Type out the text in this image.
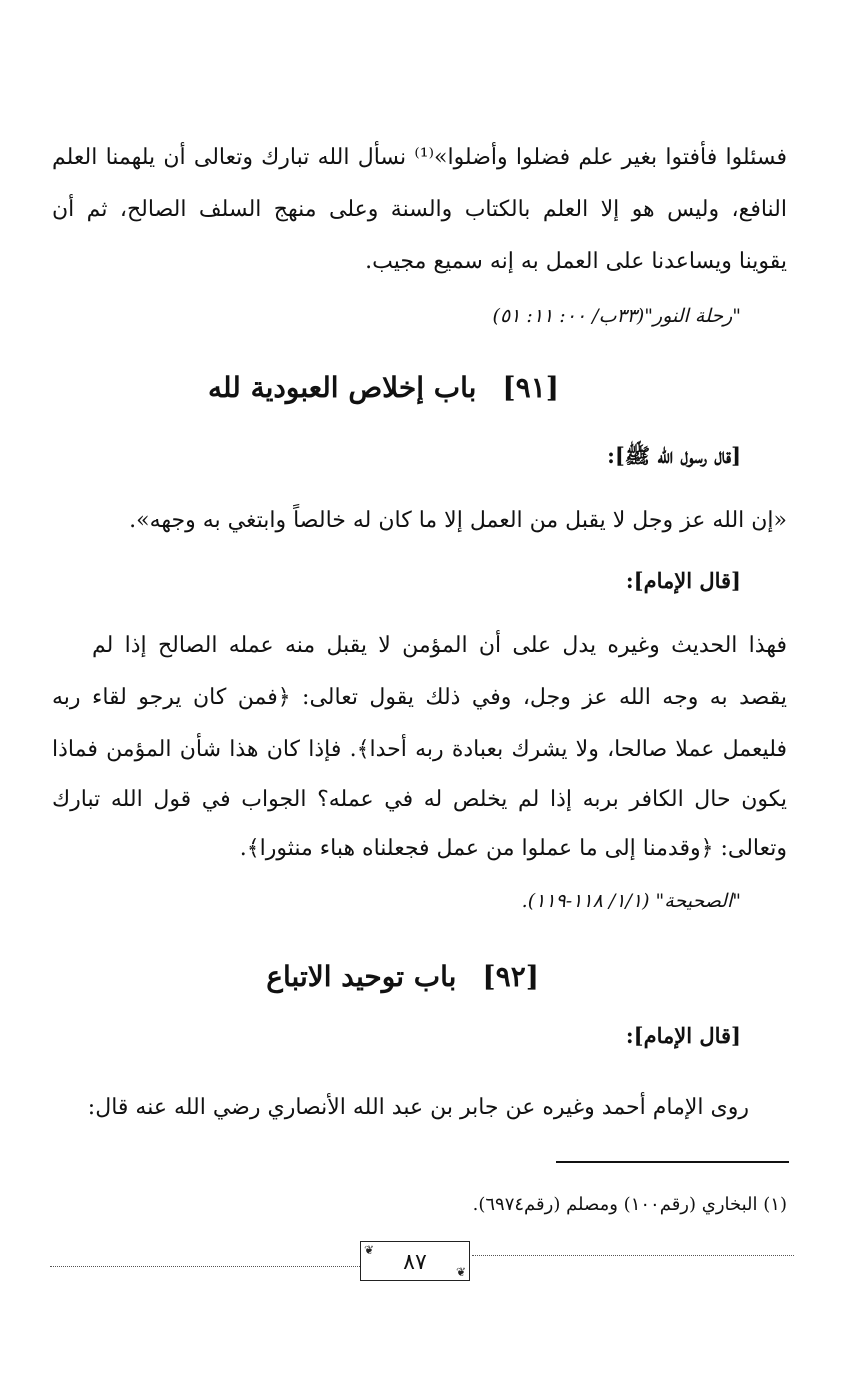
فسئلوا فأفتوا بغير علم فضلوا وأضلوا»⁽¹⁾ نسأل الله تبارك وتعالى أن يلهمنا العلم
النافع، وليس هو إلا العلم بالكتاب والسنة وعلى منهج السلف الصالح، ثم أن
يقوينا ويساعدنا على العمل به إنه سميع مجيب.
"رحلة النور"(٣٣ب/ ٠٠: ١١: ٥١)
[٩١]باب إخلاص العبودية لله
[قال رسول الله ﷺ]:
«إن الله عز وجل لا يقبل من العمل إلا ما كان له خالصاً وابتغي به وجهه».
[قال الإمام]:
فهذا الحديث وغيره يدل على أن المؤمن لا يقبل منه عمله الصالح إذا لم
يقصد به وجه الله عز وجل، وفي ذلك يقول تعالى: ﴿فمن كان يرجو لقاء ربه
فليعمل عملا صالحا، ولا يشرك بعبادة ربه أحدا﴾. فإذا كان هذا شأن المؤمن فماذا
يكون حال الكافر بربه إذا لم يخلص له في عمله؟ الجواب في قول الله تبارك
وتعالى: ﴿وقدمنا إلى ما عملوا من عمل فجعلناه هباء منثورا﴾.
"الصحيحة" (١/١/ ١١٨-١١٩).
[٩٢]باب توحيد الاتباع
[قال الإمام]:
روى الإمام أحمد وغيره عن جابر بن عبد الله الأنصاري رضي الله عنه قال:
(١) البخاري (رقم١٠٠) ومصلم (رقم٦٩٧٤).
❦
❦
٨٧
